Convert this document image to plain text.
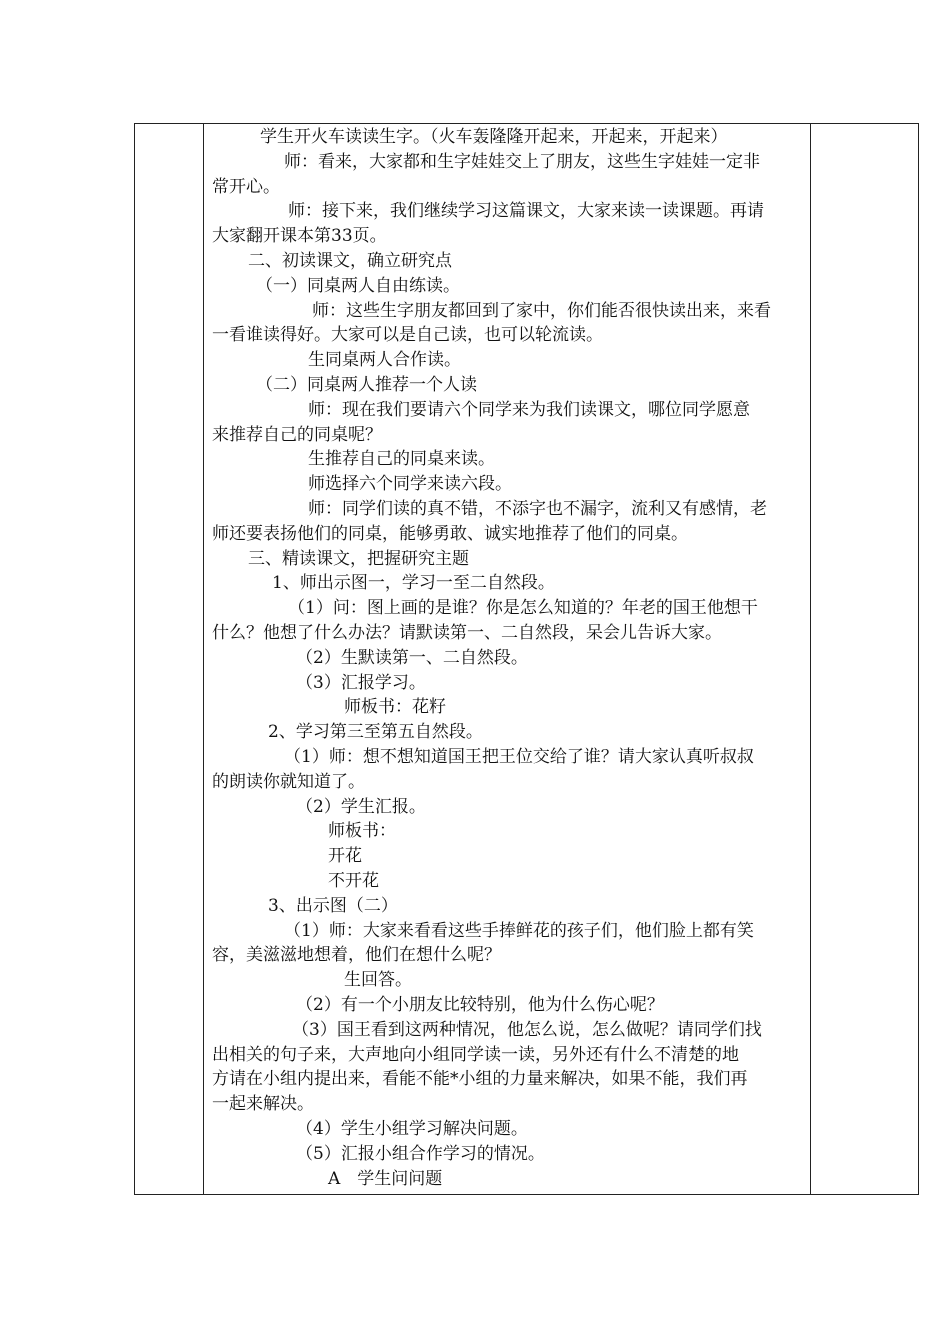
学生开火车读读生字。（火车轰隆隆开起来，开起来，开起来）
师：看来，大家都和生字娃娃交上了朋友，这些生字娃娃一定非
常开心。
师：接下来，我们继续学习这篇课文，大家来读一读课题。再请
大家翻开课本第33页。
二、初读课文，确立研究点
（一）同桌两人自由练读。
师：这些生字朋友都回到了家中，你们能否很快读出来，来看
一看谁读得好。大家可以是自己读，也可以轮流读。
生同桌两人合作读。
（二）同桌两人推荐一个人读
师：现在我们要请六个同学来为我们读课文，哪位同学愿意
来推荐自己的同桌呢？
生推荐自己的同桌来读。
师选择六个同学来读六段。
师：同学们读的真不错，不添字也不漏字，流利又有感情，老
师还要表扬他们的同桌，能够勇敢、诚实地推荐了他们的同桌。
三、精读课文，把握研究主题
1、师出示图一，学习一至二自然段。
（1）问：图上画的是谁？你是怎么知道的？年老的国王他想干
什么？他想了什么办法？请默读第一、二自然段，呆会儿告诉大家。
（2）生默读第一、二自然段。
（3）汇报学习。
师板书：花籽
2、学习第三至第五自然段。
（1）师：想不想知道国王把王位交给了谁？请大家认真听叔叔
的朗读你就知道了。
（2）学生汇报。
师板书：
开花
不开花
3、出示图（二）
（1）师：大家来看看这些手捧鲜花的孩子们，他们脸上都有笑
容，美滋滋地想着，他们在想什么呢？
生回答。
（2）有一个小朋友比较特别，他为什么伤心呢？
（3）国王看到这两种情况，他怎么说，怎么做呢？请同学们找
出相关的句子来，大声地向小组同学读一读，另外还有什么不清楚的地
方请在小组内提出来，看能不能*小组的力量来解决，如果不能，我们再
一起来解决。
（4）学生小组学习解决问题。
（5）汇报小组合作学习的情况。
A　学生问问题
